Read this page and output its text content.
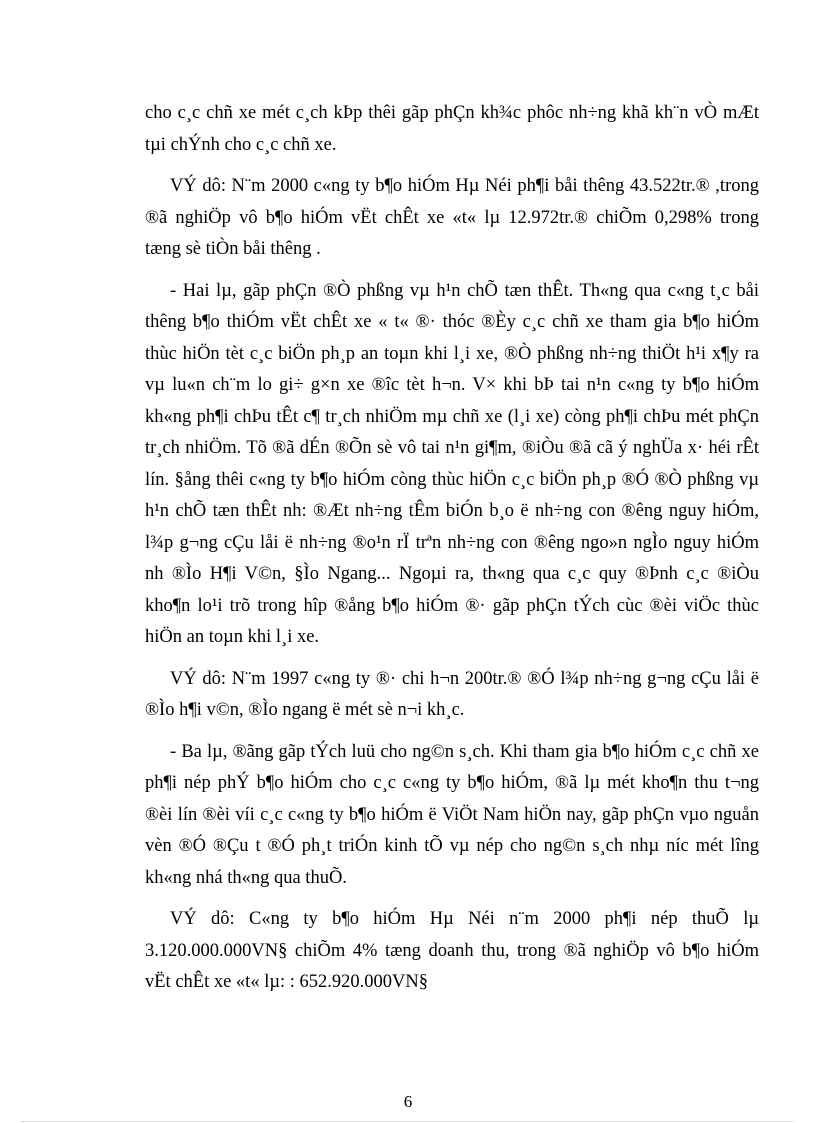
cho c¸c chñ xe mét c¸ch kÞp thêi gãp phÇn kh¾c phôc nh÷ng khã kh¨n vÒ mÆt
tµi chÝnh cho c¸c chñ xe.
VÝ dô: N¨m 2000 c«ng ty b¶o hiÓm Hµ Néi ph¶i båi thêng 43.522tr.® ,trong
®ã nghiÖp vô b¶o hiÓm vËt chÊt xe «t« lµ 12.972tr.® chiÕm 0,298% trong
tæng sè tiÒn båi thêng .
- Hai lµ, gãp phÇn ®Ò phßng vµ h¹n chÕ tæn thÊt. Th«ng qua c«ng t¸c båi
thêng b¶o thiÓm vËt chÊt xe « t« ®· thóc ®Èy c¸c chñ xe tham gia b¶o hiÓm
thùc hiÖn tèt c¸c biÖn ph¸p an toµn khi l¸i xe, ®Ò phßng nh÷ng thiÖt h¹i x¶y ra
vµ lu«n ch¨m lo gi÷ g×n xe ®îc tèt h¬n. V× khi bÞ tai n¹n c«ng ty b¶o hiÓm
kh«ng ph¶i chÞu tÊt c¶ tr¸ch nhiÖm mµ chñ xe (l¸i xe) còng ph¶i chÞu mét phÇn
tr¸ch nhiÖm. Tõ ®ã dÉn ®Õn sè vô tai n¹n gi¶m, ®iÒu ®ã cã ý nghÜa x· héi rÊt
lín. §ång thêi c«ng ty b¶o hiÓm còng thùc hiÖn c¸c biÖn ph¸p ®Ó ®Ò phßng vµ
h¹n chÕ tæn thÊt nh: ®Æt nh÷ng tÊm biÓn b¸o ë nh÷ng con ®êng nguy hiÓm,
l¾p g¬ng cÇu låi ë nh÷ng ®o¹n rÏ trªn nh÷ng con ®êng ngo»n ngÌo nguy hiÓm
nh ®Ìo H¶i V©n, §Ìo Ngang... Ngoµi ra, th«ng qua c¸c quy ®Þnh c¸c ®iÒu
kho¶n lo¹i trõ trong hîp ®ång b¶o hiÓm ®· gãp phÇn tÝch cùc ®èi viÖc thùc
hiÖn an toµn khi l¸i xe.
VÝ dô: N¨m 1997 c«ng ty ®· chi h¬n 200tr.® ®Ó l¾p nh÷ng g¬ng cÇu låi ë
®Ìo h¶i v©n, ®Ìo ngang ë mét sè n¬i kh¸c.
- Ba lµ, ®ãng gãp tÝch luü cho ng©n s¸ch. Khi tham gia b¶o hiÓm c¸c chñ xe
ph¶i nép phÝ b¶o hiÓm cho c¸c c«ng ty b¶o hiÓm, ®ã lµ mét kho¶n thu t¬ng
®èi lín ®èi víi c¸c c«ng ty b¶o hiÓm ë ViÖt Nam hiÖn nay, gãp phÇn vµo nguån
vèn ®Ó ®Çu t ®Ó ph¸t triÓn kinh tÕ vµ nép cho ng©n s¸ch nhµ níc mét lîng
kh«ng nhá th«ng qua thuÕ.
VÝ dô: C«ng ty b¶o hiÓm Hµ Néi n¨m 2000 ph¶i nép thuÕ lµ
3.120.000.000VN§ chiÕm 4% tæng doanh thu, trong ®ã nghiÖp vô b¶o hiÓm
vËt chÊt xe «t« lµ: : 652.920.000VN§
6
